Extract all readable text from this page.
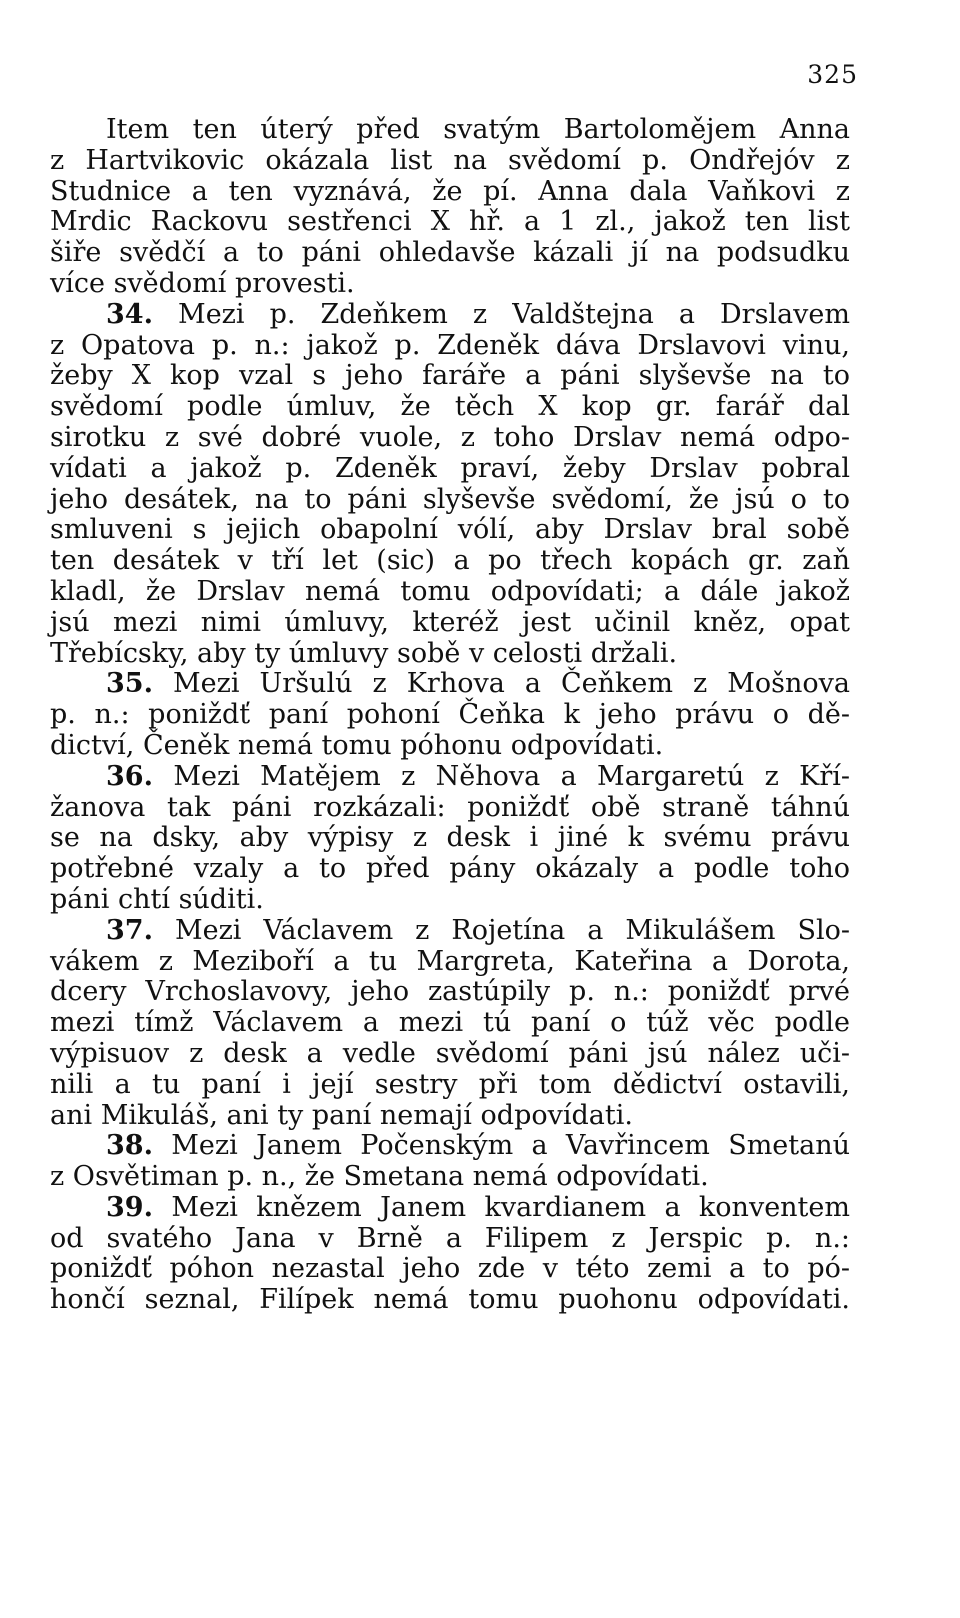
325
Item ten úterý před svatým Bartolomějem Anna
z Hartvikovic okázala list na svědomí p. Ondřejóv z
Studnice a ten vyznává, že pí. Anna dala Vaňkovi z
Mrdic Rackovu sestřenci X hř. a 1 zl., jakož ten list
šiře svědčí a to páni ohledavše kázali jí na podsudku
více svědomí provesti.
34. Mezi p. Zdeňkem z Valdštejna a Drslavem
z Opatova p. n.: jakož p. Zdeněk dáva Drslavovi vinu,
žeby X kop vzal s jeho faráře a páni slyševše na to
svědomí podle úmluv, že těch X kop gr. farář dal
sirotku z své dobré vuole, z toho Drslav nemá odpo-
vídati a jakož p. Zdeněk praví, žeby Drslav pobral
jeho desátek, na to páni slyševše svědomí, že jsú o to
smluveni s jejich obapolní vólí, aby Drslav bral sobě
ten desátek v tří let (sic) a po třech kopách gr. zaň
kladl, že Drslav nemá tomu odpovídati; a dále jakož
jsú mezi nimi úmluvy, kteréž jest učinil kněz, opat
Třebícsky, aby ty úmluvy sobě v celosti držali.
35. Mezi Uršulú z Krhova a Čeňkem z Mošnova
p. n.: poniždť paní pohoní Čeňka k jeho právu o dě-
dictví, Čeněk nemá tomu póhonu odpovídati.
36. Mezi Matějem z Něhova a Margaretú z Kří-
žanova tak páni rozkázali: poniždť obě straně táhnú
se na dsky, aby výpisy z desk i jiné k svému právu
potřebné vzaly a to před pány okázaly a podle toho
páni chtí súditi.
37. Mezi Václavem z Rojetína a Mikulášem Slo-
vákem z Meziboří a tu Margreta, Kateřina a Dorota,
dcery Vrchoslavovy, jeho zastúpily p. n.: poniždť prvé
mezi tímž Václavem a mezi tú paní o túž věc podle
výpisuov z desk a vedle svědomí páni jsú nález uči-
nili a tu paní i její sestry při tom dědictví ostavili,
ani Mikuláš, ani ty paní nemají odpovídati.
38. Mezi Janem Počenským a Vavřincem Smetanú
z Osvětiman p. n., že Smetana nemá odpovídati.
39. Mezi knězem Janem kvardianem a konventem
od svatého Jana v Brně a Filipem z Jerspic p. n.:
poniždť póhon nezastal jeho zde v této zemi a to pó-
hončí seznal, Filípek nemá tomu puohonu odpovídati.
